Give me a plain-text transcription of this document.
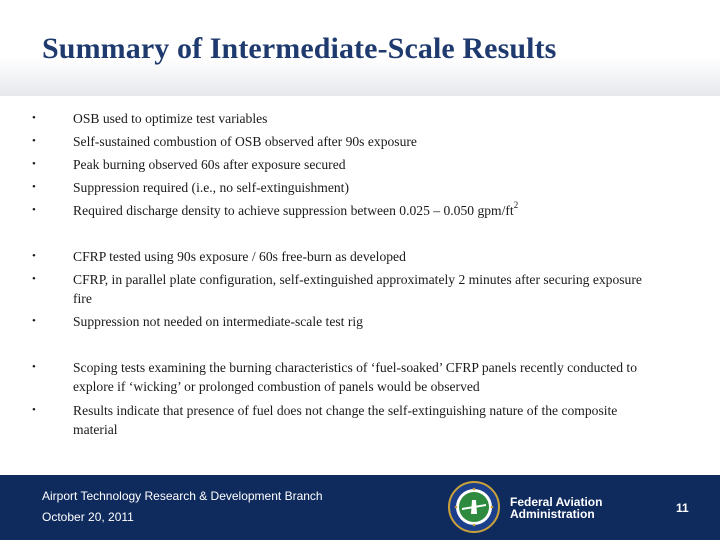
Summary of Intermediate-Scale Results
•	OSB used to optimize test variables
•	Self-sustained combustion of OSB observed after 90s exposure
•	Peak burning observed 60s after exposure secured
•	Suppression required (i.e., no self-extinguishment)
•	Required discharge density to achieve suppression between 0.025 – 0.050 gpm/$ft^2$
•	CFRP tested using 90s exposure / 60s free-burn as developed
•	CFRP, in parallel plate configuration, self-extinguished approximately 2 minutes after securing exposure fire
•	Suppression not needed on intermediate-scale test rig
•	Scoping tests examining the burning characteristics of ‘fuel-soaked’ CFRP panels recently conducted to explore if ‘wicking’ or prolonged combustion of panels would be observed
•	Results indicate that presence of fuel does not change the self-extinguishing nature of the composite material
Airport Technology Research & Development Branch
October 20, 2011
Federal Aviation
Administration	11
